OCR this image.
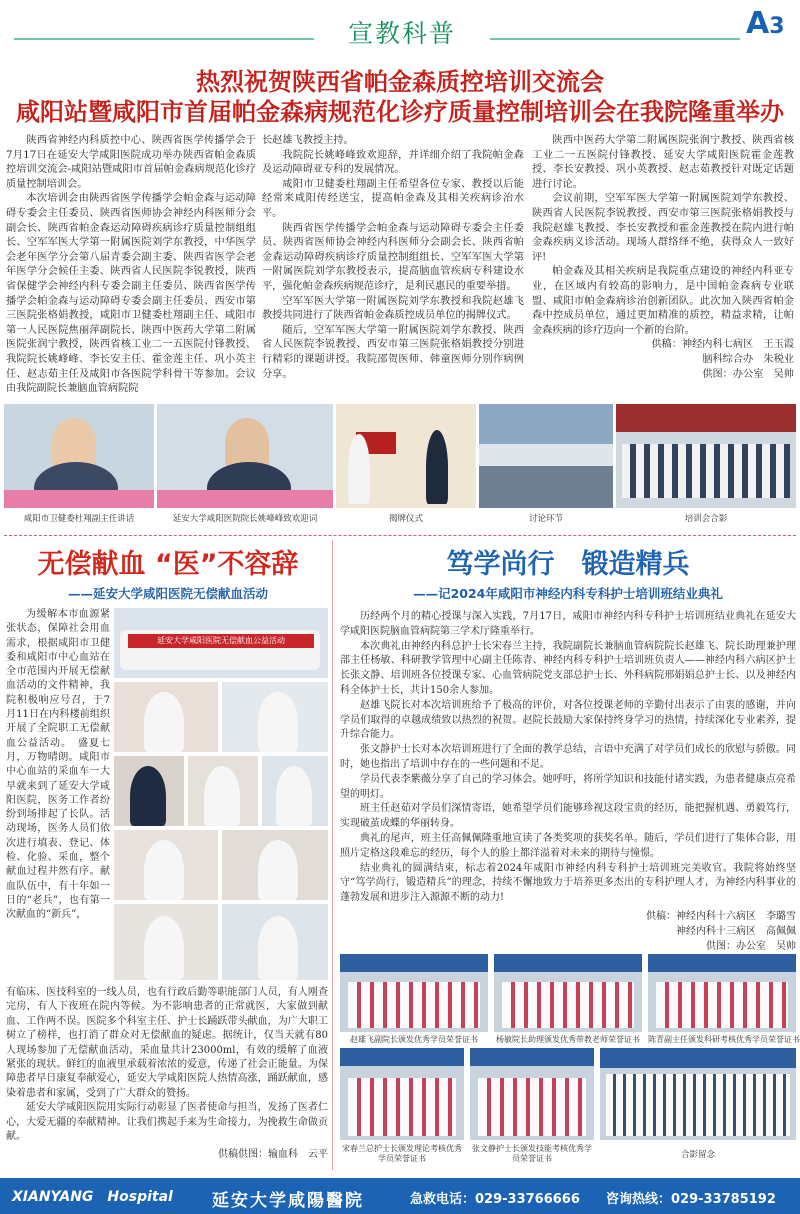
宣教科普	A3
热烈祝贺陕西省帕金森质控培训交流会
咸阳站暨咸阳市首届帕金森病规范化诊疗质量控制培训会在我院隆重举办

陕西省神经内科质控中心、陕西省医学传播学会于7月17日在延安大学咸阳医院成功举办陕西省帕金森质控培训交流会-咸阳站暨咸阳市首届帕金森病规范化诊疗质量控制培训会。

本次培训会由陕西省医学传播学会帕金森与运动障碍专委会主任委员、陕西省医师协会神经内科医师分会副会长、陕西省帕金森运动障碍疾病诊疗质量控制组组长、空军军医大学第一附属医院刘学东教授，中华医学会老年医学分会第八届青委会副主委、陕西省医学会老年医学分会候任主委、陕西省人民医院李锐教授，陕西省保健学会神经内科专委会副主任委员、陕西省医学传播学会帕金森与运动障碍专委会副主任委员、西安市第三医院张格娟教授，咸阳市卫健委杜翔副主任、咸阳市第一人民医院焦丽萍副院长、陕西中医药大学第二附属医院张润宁教授，陕西省核工业二一五医院付锋教授、我院院长姚峰峰、李长安主任、霍金莲主任、巩小英主任、赵志茹主任及咸阳市各医院学科骨干等参加。会议由我院副院长兼脑血管病院院

长赵雄飞教授主持。

我院院长姚峰峰致欢迎辞，并详细介绍了我院帕金森及运动障碍亚专科的发展情况。

咸阳市卫健委杜翔副主任希望各位专家、教授以后能经常来咸阳传经送宝，提高帕金森及其相关疾病诊治水平。

陕西省医学传播学会帕金森与运动障碍专委会主任委员、陕西省医师协会神经内科医师分会副会长、陕西省帕金森运动障碍疾病诊疗质量控制组组长、空军军医大学第一附属医院刘学东教授表示，提高脑血管疾病专科建设水平，强化帕金森疾病规范诊疗，是利民惠民的重要举措。

空军军医大学第一附属医院刘学东教授和我院赵雄飞教授共同进行了陕西省帕金森质控成员单位的揭牌仪式。

随后，空军军医大学第一附属医院刘学东教授、陕西省人民医院李锐教授、西安市第三医院张格娟教授分别进行精彩的课题讲授。我院邵贺医师、韩童医师分别作病例分享。

陕西中医药大学第二附属医院张润宁教授、陕西省核工业二一五医院付锋教授、延安大学咸阳医院霍金莲教授、李长安教授、巩小英教授、赵志茹教授针对既定话题进行讨论。

会议前期，空军军医大学第一附属医院刘学东教授、陕西省人民医院李锐教授、西安市第三医院张格娟教授与我院赵雄飞教授、李长安教授和霍金莲教授在院内进行帕金森疾病义诊活动。现场人群络绎不绝，获得众人一致好评!

帕金森及其相关疾病是我院重点建设的神经内科亚专业，在区域内有较高的影响力，是中国帕金森病专业联盟、咸阳市帕金森病诊治创新团队。此次加入陕西省帕金森中控成员单位，通过更加精准的质控，精益求精，让帕金森疾病的诊疗迈向一个新的台阶。

供稿：神经内科七病区　王玉霞

脑科综合办　朱税业

供图：办公室　吴帅

咸阳市卫健委杜翔副主任讲话	延安大学咸阳医院院长姚峰峰致欢迎词	揭牌仪式	讨论环节	培训会合影
无偿献血 “医”不容辞
——延安大学咸阳医院无偿献血活动

为缓解本市血源紧张状态，保障社会用血需求，根据咸阳市卫健委和咸阳市中心血站在全市范围内开展无偿献血活动的文件精神，我院积极响应号召，于7月11日在内科楼前组织开展了全院职工无偿献血公益活动。　盛夏七月，万物晴朗。咸阳市中心血站的采血车一大早就来到了延安大学咸阳医院，医务工作者纷纷到场排起了长队。活动现场，医务人员们依次进行填表、登记、体检、化验、采血，整个献血过程井然有序。献血队伍中，有十年如一日的“老兵”，也有第一次献血的“新兵”，

延安大学咸阳医院无偿献血公益活动

有临床、医技科室的一线人员，也有行政后勤等职能部门人员，有人刚查完房，有人下夜班在院内等候。为不影响患者的正常就医，大家做到献血、工作两不误。医院多个科室主任、护士长踊跃带头献血，为广大职工树立了榜样，也打消了群众对无偿献血的疑虑。据统计，仅当天就有80人现场参加了无偿献血活动，采血量共计23000ml，有效的缓解了血液紧张的现状。鲜红的血液里承载着浓浓的爱意，传递了社会正能量。为保障患者早日康复奉献爱心，延安大学咸阳医院人热情高涨，踊跃献血，感染着患者和家属，受到了广大群众的赞扬。

延安大学咸阳医院用实际行动彰显了医者使命与担当，发扬了医者仁心，大爱无疆的奉献精神。让我们携起手来为生命接力，为挽救生命做贡献。

供稿供图：输血科　云平

笃学尚行　锻造精兵
——记2024年咸阳市神经内科专科护士培训班结业典礼

历经两个月的精心授课与深入实践，7月17日，咸阳市神经内科专科护士培训班结业典礼在延安大学咸阳医院脑血管病院第三学术厅隆重举行。

本次典礼由神经内科总护士长宋春兰主持，我院副院长兼脑血管病院院长赵雄飞、院长助理兼护理部主任杨敏、科研教学管理中心副主任陈青、神经内科专科护士培训班负责人——神经内科六病区护士长张文静、培训班各位授课专家、心血管病院党支部总护士长、外科病院邢娟娟总护士长、以及神经内科全体护士长，共计150余人参加。

赵雄飞院长对本次培训班给予了极高的评价，对各位授课老师的辛勤付出表示了由衷的感谢，并向学员们取得的卓越成绩致以热烈的祝贺。赵院长鼓励大家保持终身学习的热情，持续深化专业素养，提升综合能力。

张文静护士长对本次培训班进行了全面的教学总结，言语中充满了对学员们成长的欣慰与骄傲。同时，她也指出了培训中存在的一些问题和不足。

学员代表李紫薇分享了自己的学习体会。她呼吁，将所学知识和技能付诸实践，为患者健康点亮希望的明灯。

班主任赵茹对学员们深情寄语，她希望学员们能够珍视这段宝贵的经历，能把握机遇、勇毅笃行，实现破茧成蝶的华丽转身。

典礼的尾声，班主任高佩佩隆重地宣读了各类奖项的获奖名单。随后，学员们进行了集体合影，用照片定格这段难忘的经历，每个人的脸上都洋溢着对未来的期待与憧憬。

结业典礼的圆满结束，标志着2024年咸阳市神经内科专科护士培训班完美收官。我院将始终坚守“笃学尚行，锻造精兵”的理念，持续不懈地致力于培养更多杰出的专科护理人才，为神经内科事业的蓬勃发展和进步注入源源不断的动力!

供稿：神经内科十六病区　李璐雪

神经内科十三病区　高佩佩

供图：办公室　吴帅

赵雄飞副院长颁发优秀学员荣誉证书	杨敏院长助理颁发优秀带教老师荣誉证书 陈青副主任颁发科研考核优秀学员荣誉证书
宋春兰总护士长颁发理论考核优秀学员荣誉证书
张文静护士长颁发技能考核优秀学员荣誉证书	合影留念
XIANYANG　Hospital 延安大学咸陽醫院	急救电话：029-33766666 咨询热线：029-33785192
